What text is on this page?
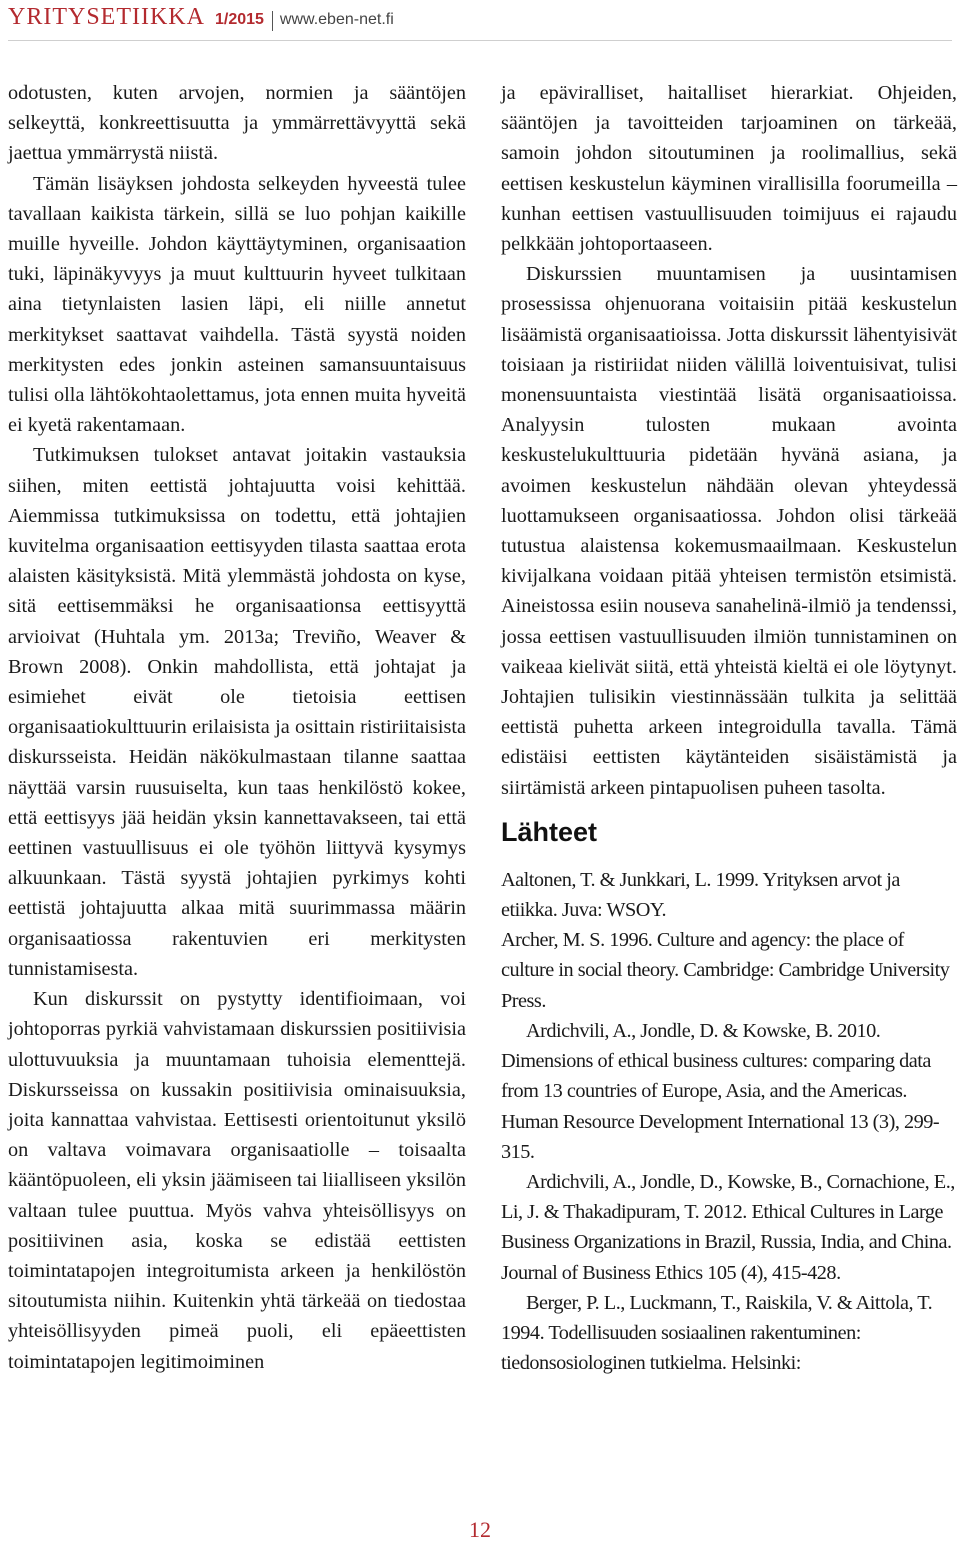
YRITYSETIIKKA 1/2015 www.eben-net.fi

odotusten, kuten arvojen, normien ja sääntöjen selkeyttä, konkreettisuutta ja ymmärrettävyyttä sekä jaettua ymmärrystä niistä.

Tämän lisäyksen johdosta selkeyden hyveestä tulee tavallaan kaikista tärkein, sillä se luo pohjan kaikille muille hyveille. Johdon käyttäytyminen, organisaation tuki, läpinäkyvyys ja muut kulttuurin hyveet tulkitaan aina tietynlaisten lasien läpi, eli niille annetut merkitykset saattavat vaihdella. Tästä syystä noiden merkitysten edes jonkin asteinen samansuuntaisuus tulisi olla lähtökohtaolettamus, jota ennen muita hyveitä ei kyetä rakentamaan.

Tutkimuksen tulokset antavat joitakin vastauksia siihen, miten eettistä johtajuutta voisi kehittää. Aiemmissa tutkimuksissa on todettu, että johtajien kuvitelma organisaation eettisyyden tilasta saattaa erota alaisten käsityksistä. Mitä ylemmästä johdosta on kyse, sitä eettisemmäksi he organisaationsa eettisyyttä arvioivat (Huhtala ym. 2013a; Treviño, Weaver & Brown 2008). Onkin mahdollista, että johtajat ja esimiehet eivät ole tietoisia eettisen organisaatiokulttuurin erilaisista ja osittain ristiriitaisista diskursseista. Heidän näkökulmastaan tilanne saattaa näyttää varsin ruusuiselta, kun taas henkilöstö kokee, että eettisyys jää heidän yksin kannettavakseen, tai että eettinen vastuullisuus ei ole työhön liittyvä kysymys alkuunkaan. Tästä syystä johtajien pyrkimys kohti eettistä johtajuutta alkaa mitä suurimmassa määrin organisaatiossa rakentuvien eri merkitysten tunnistamisesta.

Kun diskurssit on pystytty identifioimaan, voi johtoporras pyrkiä vahvistamaan diskurssien positiivisia ulottuvuuksia ja muuntamaan tuhoisia elementtejä. Diskursseissa on kussakin positiivisia ominaisuuksia, joita kannattaa vahvistaa. Eettisesti orientoitunut yksilö on valtava voimavara organisaatiolle – toisaalta kääntöpuoleen, eli yksin jäämiseen tai liialliseen yksilön valtaan tulee puuttua. Myös vahva yhteisöllisyys on positiivinen asia, koska se edistää eettisten toimintatapojen integroitumista arkeen ja henkilöstön sitoutumista niihin. Kuitenkin yhtä tärkeää on tiedostaa yhteisöllisyyden pimeä puoli, eli epäeettisten toimintatapojen legitimoiminen

ja epäviralliset, haitalliset hierarkiat. Ohjeiden, sääntöjen ja tavoitteiden tarjoaminen on tärkeää, samoin johdon sitoutuminen ja roolimallius, sekä eettisen keskustelun käyminen virallisilla foorumeilla – kunhan eettisen vastuullisuuden toimijuus ei rajaudu pelkkään johtoportaaseen.

Diskurssien muuntamisen ja uusintamisen prosessissa ohjenuorana voitaisiin pitää keskustelun lisäämistä organisaatioissa. Jotta diskurssit lähentyisivät toisiaan ja ristiriidat niiden välillä loiventuisivat, tulisi monensuuntaista viestintää lisätä organisaatioissa. Analyysin tulosten mukaan avointa keskustelukulttuuria pidetään hyvänä asiana, ja avoimen keskustelun nähdään olevan yhteydessä luottamukseen organisaatiossa. Johdon olisi tärkeää tutustua alaistensa kokemusmaailmaan. Keskustelun kivijalkana voidaan pitää yhteisen termistön etsimistä. Aineistossa esiin nouseva sanahelinä-ilmiö ja tendenssi, jossa eettisen vastuullisuuden ilmiön tunnistaminen on vaikeaa kielivät siitä, että yhteistä kieltä ei ole löytynyt. Johtajien tulisikin viestinnässään tulkita ja selittää eettistä puhetta arkeen integroidulla tavalla. Tämä edistäisi eettisten käytänteiden sisäistämistä ja siirtämistä arkeen pintapuolisen puheen tasolta.

Lähteet

Aaltonen, T. & Junkkari, L. 1999. Yrityksen arvot ja etiikka. Juva: WSOY.

Archer, M. S. 1996. Culture and agency: the place of culture in social theory. Cambridge: Cambridge University Press.

Ardichvili, A., Jondle, D. & Kowske, B. 2010. Dimensions of ethical business cultures: comparing data from 13 countries of Europe, Asia, and the Americas. Human Resource Development International 13 (3), 299-315.

Ardichvili, A., Jondle, D., Kowske, B., Cornachione, E., Li, J. & Thakadipuram, T. 2012. Ethical Cultures in Large Business Organizations in Brazil, Russia, India, and China. Journal of Business Ethics 105 (4), 415-428.

Berger, P. L., Luckmann, T., Raiskila, V. & Aittola, T. 1994. Todellisuuden sosiaalinen rakentuminen: tiedonsosiologinen tutkielma. Helsinki:

12
